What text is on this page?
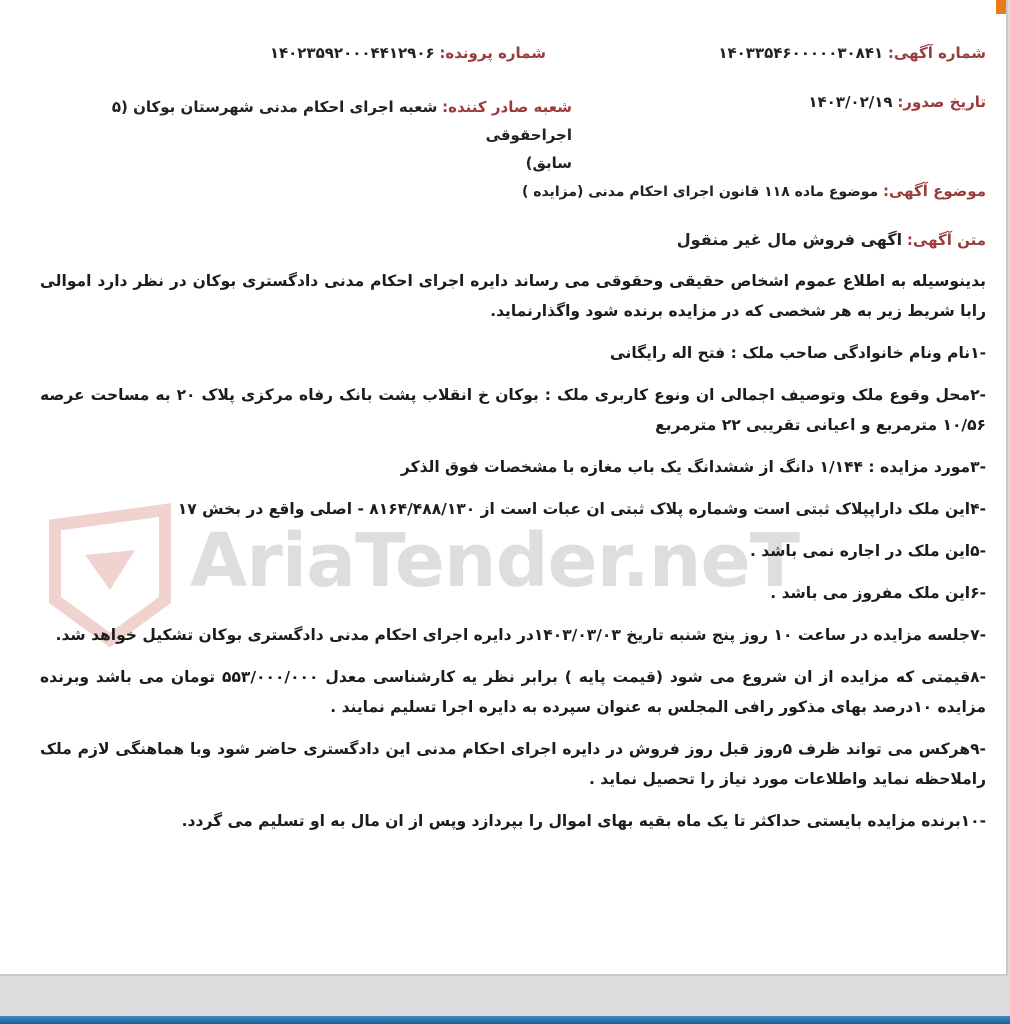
شماره آگهی: ۱۴۰۳۳۵۴۶۰۰۰۰۰۳۰۸۴۱
شماره پرونده: ۱۴۰۲۳۵۹۲۰۰۰۴۴۱۲۹۰۶
تاریخ صدور: ۱۴۰۳/۰۲/۱۹
شعبه صادر کننده: شعبه اجرای احکام مدنی شهرستان بوکان (۵ اجراحقوقی
سابق)
موضوع آگهی: موضوع ماده ۱۱۸ قانون اجرای احکام مدنی (مزایده )
متن آگهی: اگهی فروش مال غیر منقول
AriaTender.neT

بدینوسیله به اطلاع عموم اشخاص حقیقی وحقوقی می رساند دایره اجرای احکام مدنی دادگستری بوکان در نظر دارد اموالی رابا شریط زیر به هر شخصی که در مزایده برنده شود واگذارنماید.

-۱نام ونام خانوادگی صاحب ملک : فتح اله رایگانی

-۲محل وقوع ملک وتوصیف اجمالی ان ونوع کاربری ملک : بوکان خ انقلاب پشت بانک رفاه مرکزی پلاک ۲۰ به مساحت عرصه ۱۰/۵۶ مترمربع و اعیانی تقریبی ۲۲ مترمربع

-۳مورد مزایده : ۱/۱۴۴ دانگ از ششدانگ یک باب مغازه با مشخصات فوق الذکر

-۴این ملک داراپپلاک ثبتی است وشماره پلاک ثبتی ان عبات است از ۸۱۶۴/۴۸۸/۱۳۰ - اصلی واقع در بخش ۱۷

-۵این ملک در اجاره نمی باشد .

-۶این ملک مفروز می باشد .

-۷جلسه مزایده در ساعت ۱۰ روز پنج شنبه تاریخ ۱۴۰۳/۰۳/۰۳در دایره اجرای احکام مدنی دادگستری بوکان تشکیل خواهد شد.

-۸قیمتی که مزایده از ان شروع می شود (قیمت پایه ) برابر نظر یه کارشناسی معدل ۵۵۳/۰۰۰/۰۰۰ تومان می باشد وبرنده مزایده ۱۰درصد بهای مذکور رافی المجلس به عنوان سپرده به دایره اجرا تسلیم نمایند .

-۹هرکس می تواند ظرف ۵روز قبل روز فروش در دایره اجرای احکام مدنی این دادگستری حاضر شود وبا هماهنگی لازم ملک راملاحظه نماید واطلاعات مورد نیاز را تحصیل نماید .

-۱۰برنده مزایده بایستی حداکثر تا یک ماه بقیه بهای اموال را بپردازد وپس از ان مال به او تسلیم می گردد.
